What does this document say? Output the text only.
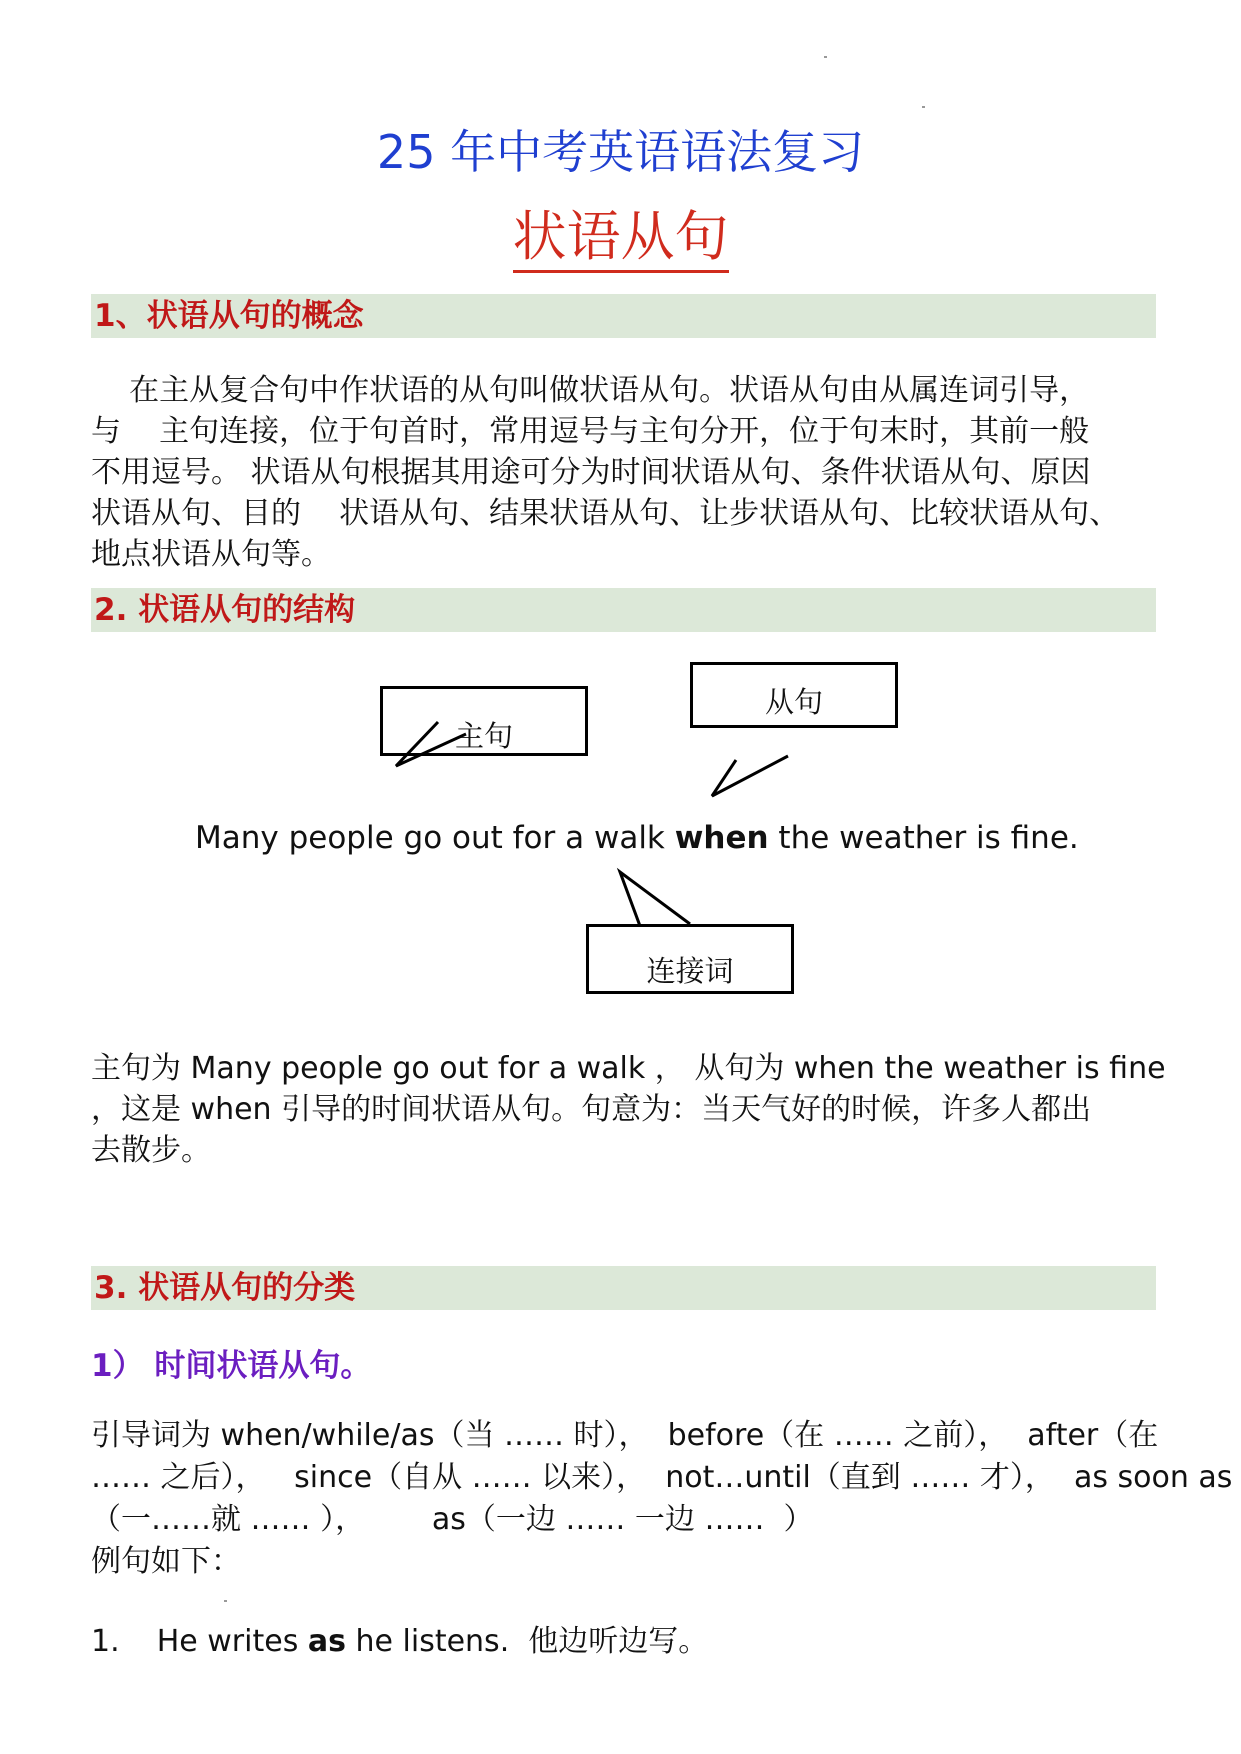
25 年中考英语语法复习
状语从句
1、状语从句的概念
在主从复合句中作状语的从句叫做状语从句。状语从句由从属连词引导，
与    主句连接，位于句首时，常用逗号与主句分开，位于句末时，其前一般
不用逗号。 状语从句根据其用途可分为时间状语从句、条件状语从句、原因
状语从句、目的    状语从句、结果状语从句、让步状语从句、比较状语从句、
地点状语从句等。
2. 状语从句的结构
主句
从句
连接词
Many people go out for a walk when the weather is fine.
主句为 Many people go out for a walk ， 从句为 when the weather is fine
，这是 when 引导的时间状语从句。句意为：当天气好的时候，许多人都出
去散步。
3. 状语从句的分类
1） 时间状语从句。
引导词为 when/while/as（当 …… 时），  before（在 …… 之前），  after（在
…… 之后），   since（自从 …… 以来），  not…until（直到 …… 才），  as soon as
（一……就 …… ），       as（一边 …… 一边 ……  ）
例句如下：
1. He writes as he listens.  他边听边写。
